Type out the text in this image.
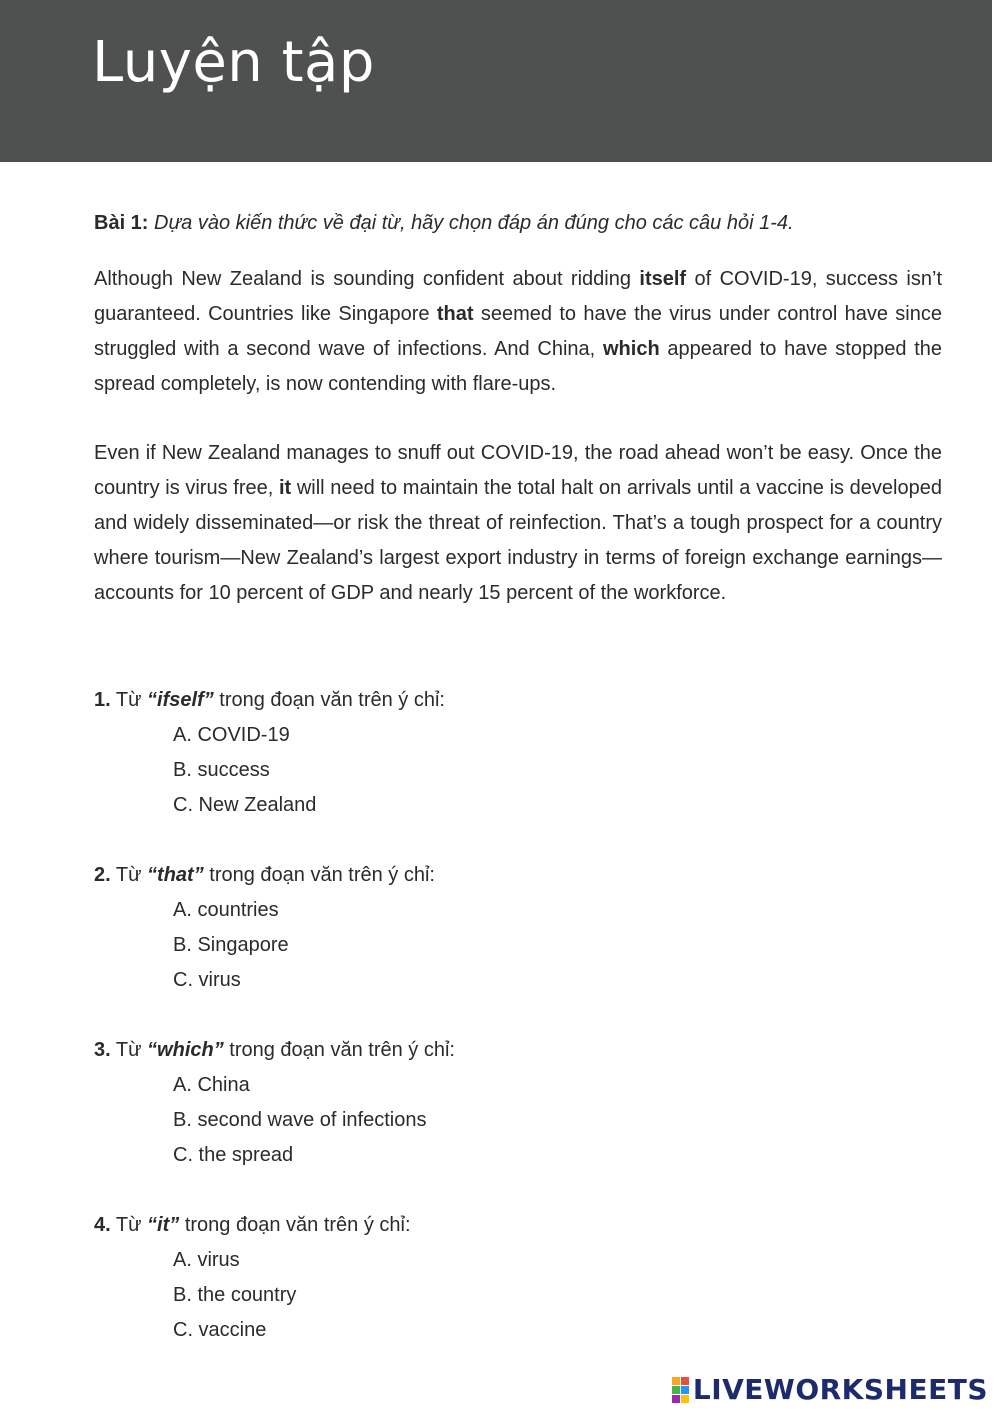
Luyện tập
Bài 1: Dựa vào kiến thức về đại từ, hãy chọn đáp án đúng cho các câu hỏi 1-4.
Although New Zealand is sounding confident about ridding itself of COVID-19, success isn’t guaranteed. Countries like Singapore that seemed to have the virus under control have since struggled with a second wave of infections. And China, which appeared to have stopped the spread completely, is now contending with flare-ups.
Even if New Zealand manages to snuff out COVID-19, the road ahead won’t be easy. Once the country is virus free, it will need to maintain the total halt on arrivals until a vaccine is developed and widely disseminated—or risk the threat of reinfection. That’s a tough prospect for a country where tourism—New Zealand’s largest export industry in terms of foreign exchange earnings—accounts for 10 percent of GDP and nearly 15 percent of the workforce.
1. Từ “ifself” trong đoạn văn trên ý chỉ:
A. COVID-19
B. success
C. New Zealand
2. Từ “that” trong đoạn văn trên ý chỉ:
A. countries
B. Singapore
C. virus
3. Từ “which” trong đoạn văn trên ý chỉ:
A. China
B. second wave of infections
C. the spread
4. Từ “it” trong đoạn văn trên ý chỉ:
A. virus
B. the country
C. vaccine
LIVEWORKSHEETS
